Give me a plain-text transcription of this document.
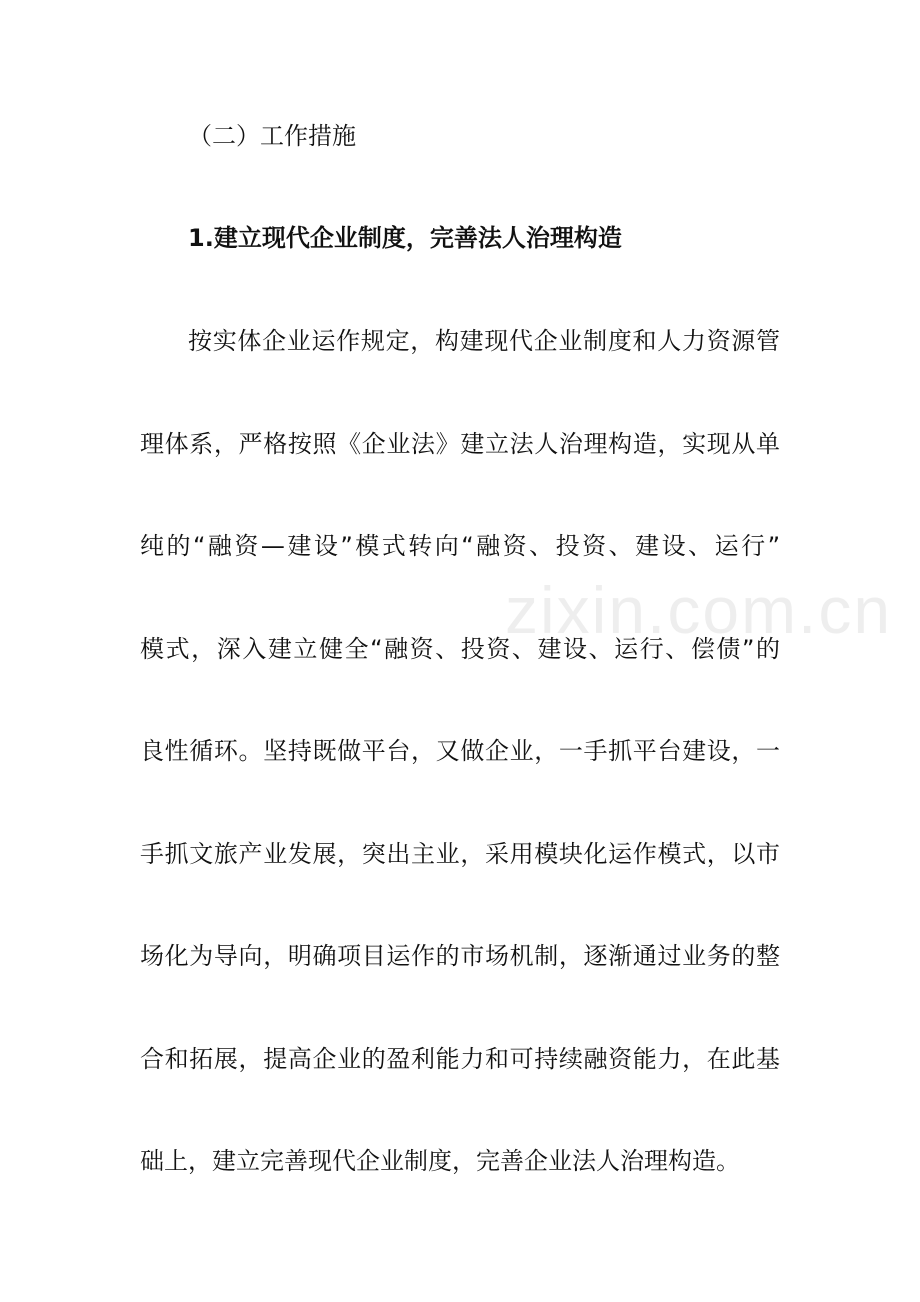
zixin.com.cn
（二）工作措施
1.建立现代企业制度，完善法人治理构造
按实体企业运作规定，构建现代企业制度和人力资源管
理体系，严格按照《企业法》建立法人治理构造，实现从单
纯的“融资—建设”模式转向“融资、投资、建设、运行”
模式，深入建立健全“融资、投资、建设、运行、偿债”的
良性循环。坚持既做平台，又做企业，一手抓平台建设，一
手抓文旅产业发展，突出主业，采用模块化运作模式，以市
场化为导向，明确项目运作的市场机制，逐渐通过业务的整
合和拓展，提高企业的盈利能力和可持续融资能力，在此基
础上，建立完善现代企业制度，完善企业法人治理构造。
